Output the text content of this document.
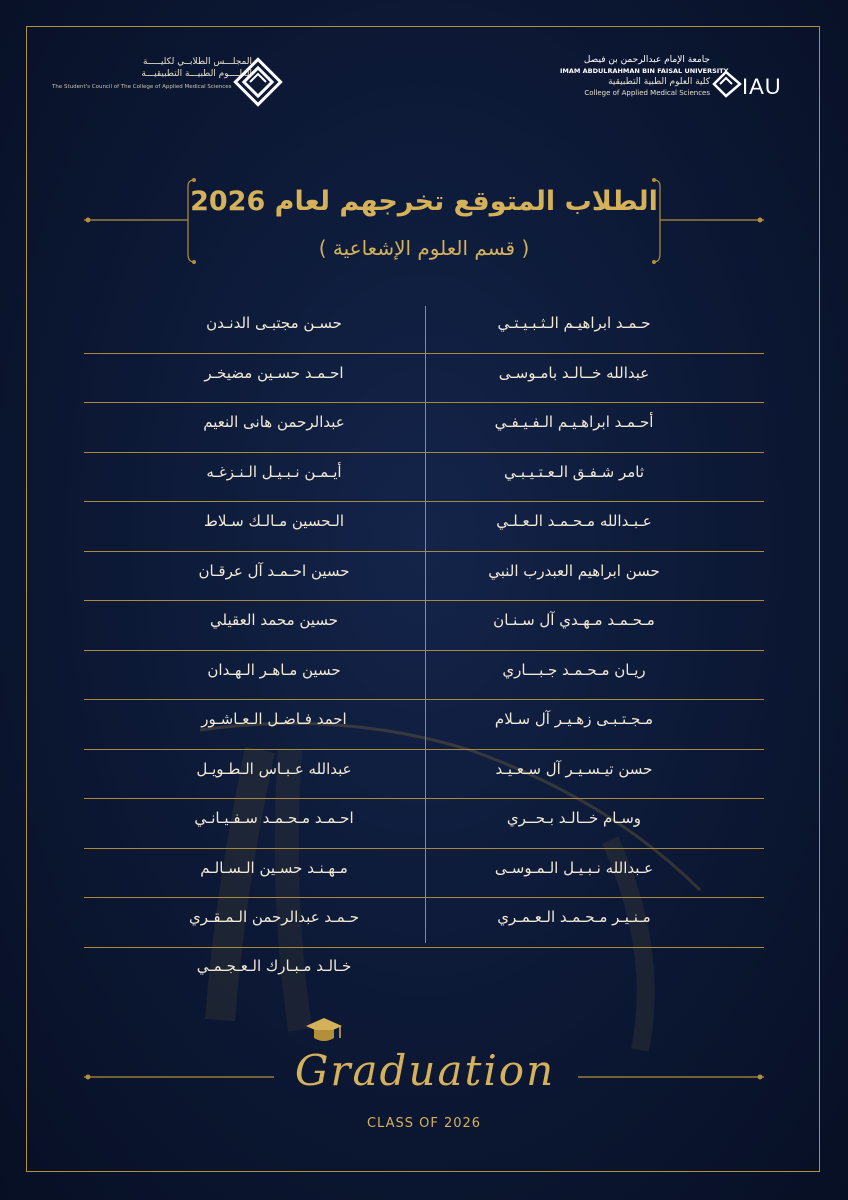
المجلـــس الطلابــي لكليـــــة
العلــــوم الطبيـــة التطبيقيـــة
The Student's Council of The College of Applied Medical Sciences
جامعة الإمام عبدالرحمن بن فيصل
IMAM ABDULRAHMAN BIN FAISAL UNIVERSITY
كلية العلوم الطبية التطبيقية
College of Applied Medical Sciences IAU
الطلاب المتوقع تخرجهم لعام 2026
( قسم العلوم الإشعاعية )
حـمـد ابراهيـم الـثـبـيـتـي
حسـن مجتبـى الدنـدن
عبدالله خــالـد بامـوسـى
احـمـد حسـين مضيخـر
أحـمـد ابراهـيـم الـفـيـفـي
عبدالرحمن هانى النعيم
ثامر شـفـق الـعـتـيـبـي
أيـمـن نـبـيـل الـنـزغـه
عـبـدالله مـحـمـد الـعـلـي
الـحسين مـالـك سـلاط
حسن ابراهيم العبدرب النبي
حسين احـمـد آل عرقـان
مـحـمـد مـهـدي آل سـنـان
حسين محمد العقيلي
ريـان مـحـمـد جـبـــاري
حسين مـاهـر الـهـدان
مـجـتـبـى زهـيـر آل سـلام
احمد فـاضـل الـعـاشـور
حسن تيـسـيـر آل سـعـيـد
عبدالله عـبـاس الـطـويـل
وسـام خــالـد بـحــري
احـمـد مـحـمـد سـفـيـانـي
عـبدالله نـبـيـل الـمـوسـى
مـهـنـد حسـين الـسـالـم
مـنـيـر مـحـمـد الـعـمـري
حـمـد عبدالرحمن الـمـقـري
خـالـد مـبـارك الـعـجـمـي
Graduation
CLASS OF 2026
